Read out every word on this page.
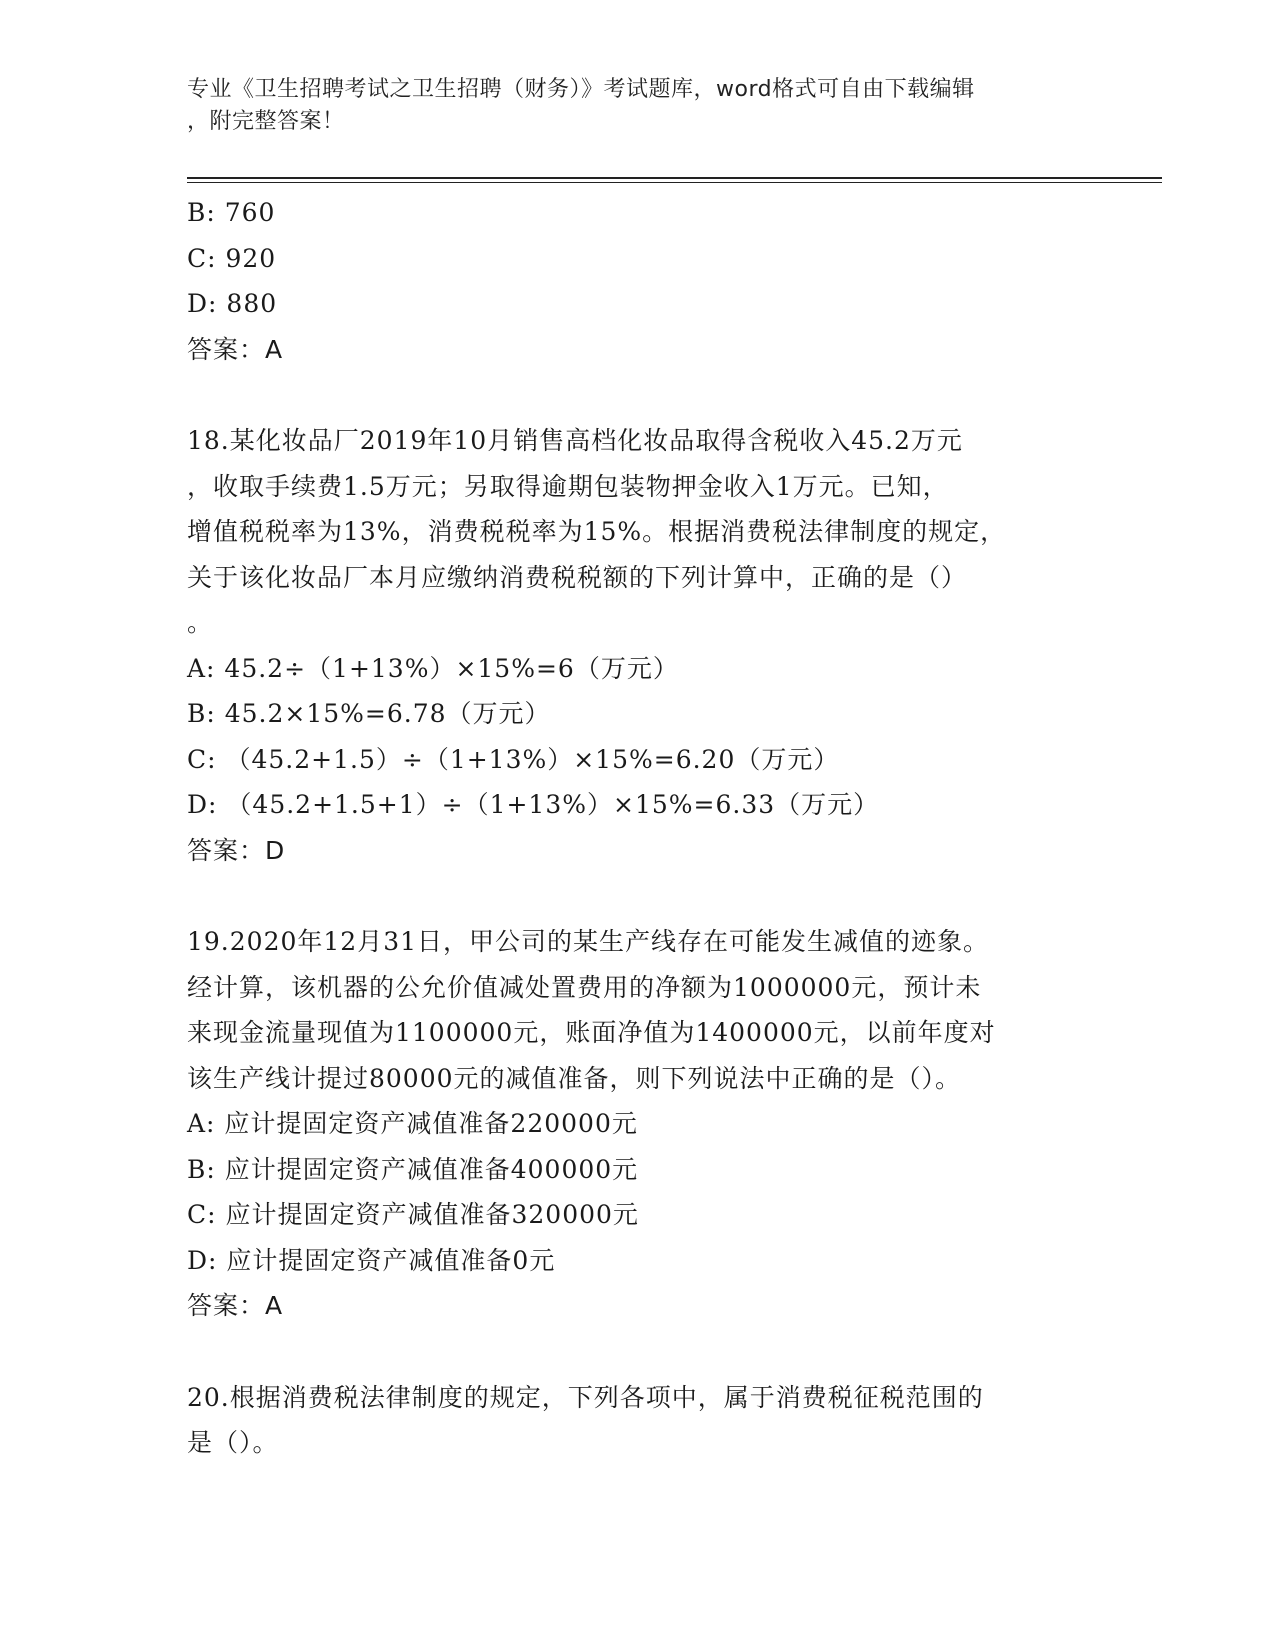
专业《卫生招聘考试之卫生招聘（财务）》考试题库，word格式可自由下载编辑
，附完整答案！
B: 760
C: 920
D: 880
答案：A
18.某化妆品厂2019年10月销售高档化妆品取得含税收入45.2万元
，收取手续费1.5万元；另取得逾期包装物押金收入1万元。已知，
增值税税率为13%，消费税税率为15%。根据消费税法律制度的规定，
关于该化妆品厂本月应缴纳消费税税额的下列计算中，正确的是（）
。
A: 45.2÷（1+13%）×15%=6（万元）
B: 45.2×15%=6.78（万元）
C: （45.2+1.5）÷（1+13%）×15%=6.20（万元）
D: （45.2+1.5+1）÷（1+13%）×15%=6.33（万元）
答案：D
19.2020年12月31日，甲公司的某生产线存在可能发生减值的迹象。
经计算，该机器的公允价值减处置费用的净额为1000000元，预计未
来现金流量现值为1100000元，账面净值为1400000元，以前年度对
该生产线计提过80000元的减值准备，则下列说法中正确的是（）。
A: 应计提固定资产减值准备220000元
B: 应计提固定资产减值准备400000元
C: 应计提固定资产减值准备320000元
D: 应计提固定资产减值准备0元
答案：A
20.根据消费税法律制度的规定，下列各项中，属于消费税征税范围的
是（）。
